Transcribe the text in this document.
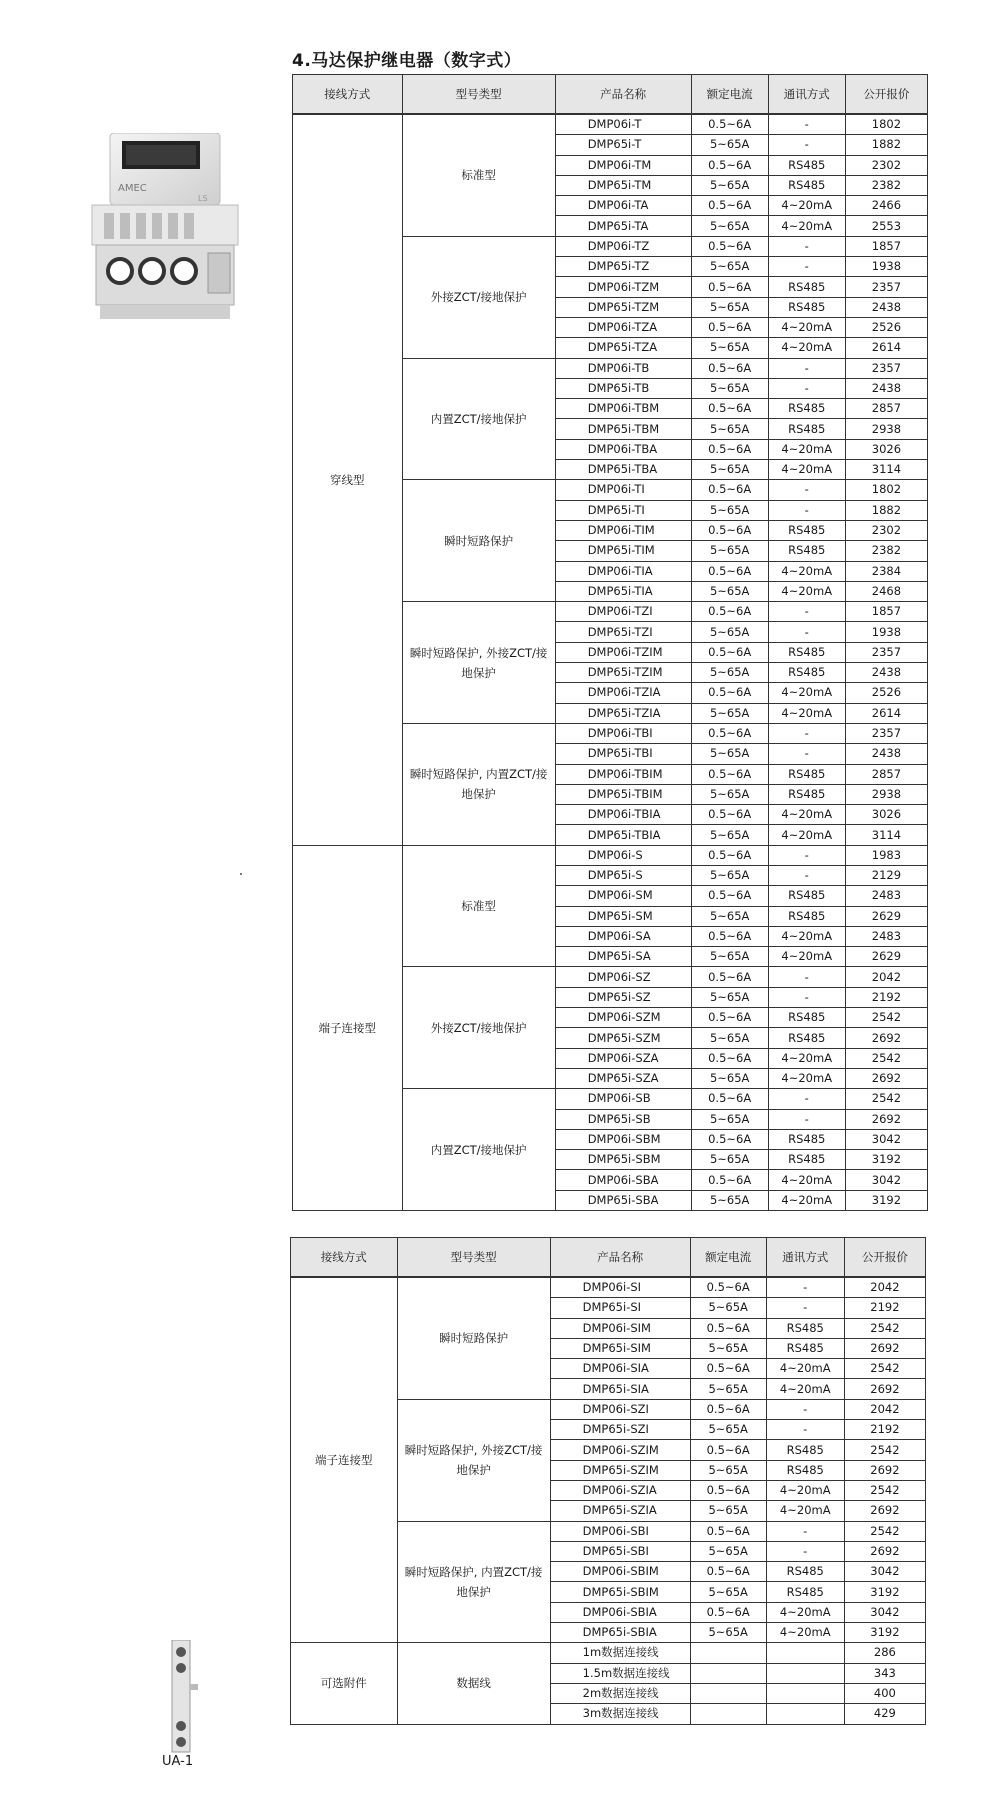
4.马达保护继电器（数字式）
AMEC
LS
UA-1
接线方式	型号类型	产品名称	额定电流	通讯方式	公开报价
穿线型	标准型	DMP06i-T	0.5~6A	-	1802
		DMP65i-T	5~65A	-	1882
		DMP06i-TM	0.5~6A	RS485	2302
		DMP65i-TM	5~65A	RS485	2382
		DMP06i-TA	0.5~6A	4~20mA	2466
		DMP65i-TA	5~65A	4~20mA	2553
	外接ZCT/接地保护	DMP06i-TZ	0.5~6A	-	1857
		DMP65i-TZ	5~65A	-	1938
		DMP06i-TZM	0.5~6A	RS485	2357
		DMP65i-TZM	5~65A	RS485	2438
		DMP06i-TZA	0.5~6A	4~20mA	2526
		DMP65i-TZA	5~65A	4~20mA	2614
	内置ZCT/接地保护	DMP06i-TB	0.5~6A	-	2357
		DMP65i-TB	5~65A	-	2438
		DMP06i-TBM	0.5~6A	RS485	2857
		DMP65i-TBM	5~65A	RS485	2938
		DMP06i-TBA	0.5~6A	4~20mA	3026
		DMP65i-TBA	5~65A	4~20mA	3114
	瞬时短路保护	DMP06i-TI	0.5~6A	-	1802
		DMP65i-TI	5~65A	-	1882
		DMP06i-TIM	0.5~6A	RS485	2302
		DMP65i-TIM	5~65A	RS485	2382
		DMP06i-TIA	0.5~6A	4~20mA	2384
		DMP65i-TIA	5~65A	4~20mA	2468
	瞬时短路保护, 外接ZCT/接地保护	DMP06i-TZI	0.5~6A	-	1857
		DMP65i-TZI	5~65A	-	1938
		DMP06i-TZIM	0.5~6A	RS485	2357
		DMP65i-TZIM	5~65A	RS485	2438
		DMP06i-TZIA	0.5~6A	4~20mA	2526
		DMP65i-TZIA	5~65A	4~20mA	2614
	瞬时短路保护, 内置ZCT/接地保护	DMP06i-TBI	0.5~6A	-	2357
		DMP65i-TBI	5~65A	-	2438
		DMP06i-TBIM	0.5~6A	RS485	2857
		DMP65i-TBIM	5~65A	RS485	2938
		DMP06i-TBIA	0.5~6A	4~20mA	3026
		DMP65i-TBIA	5~65A	4~20mA	3114
端子连接型	标准型	DMP06i-S	0.5~6A	-	1983
		DMP65i-S	5~65A	-	2129
		DMP06i-SM	0.5~6A	RS485	2483
		DMP65i-SM	5~65A	RS485	2629
		DMP06i-SA	0.5~6A	4~20mA	2483
		DMP65i-SA	5~65A	4~20mA	2629
	外接ZCT/接地保护	DMP06i-SZ	0.5~6A	-	2042
		DMP65i-SZ	5~65A	-	2192
		DMP06i-SZM	0.5~6A	RS485	2542
		DMP65i-SZM	5~65A	RS485	2692
		DMP06i-SZA	0.5~6A	4~20mA	2542
		DMP65i-SZA	5~65A	4~20mA	2692
	内置ZCT/接地保护	DMP06i-SB	0.5~6A	-	2542
		DMP65i-SB	5~65A	-	2692
		DMP06i-SBM	0.5~6A	RS485	3042
		DMP65i-SBM	5~65A	RS485	3192
		DMP06i-SBA	0.5~6A	4~20mA	3042
		DMP65i-SBA	5~65A	4~20mA	3192
接线方式	型号类型	产品名称	额定电流	通讯方式	公开报价
端子连接型	瞬时短路保护	DMP06i-SI	0.5~6A	-	2042
		DMP65i-SI	5~65A	-	2192
		DMP06i-SIM	0.5~6A	RS485	2542
		DMP65i-SIM	5~65A	RS485	2692
		DMP06i-SIA	0.5~6A	4~20mA	2542
		DMP65i-SIA	5~65A	4~20mA	2692
	瞬时短路保护, 外接ZCT/接地保护	DMP06i-SZI	0.5~6A	-	2042
		DMP65i-SZI	5~65A	-	2192
		DMP06i-SZIM	0.5~6A	RS485	2542
		DMP65i-SZIM	5~65A	RS485	2692
		DMP06i-SZIA	0.5~6A	4~20mA	2542
		DMP65i-SZIA	5~65A	4~20mA	2692
	瞬时短路保护, 内置ZCT/接地保护	DMP06i-SBI	0.5~6A	-	2542
		DMP65i-SBI	5~65A	-	2692
		DMP06i-SBIM	0.5~6A	RS485	3042
		DMP65i-SBIM	5~65A	RS485	3192
		DMP06i-SBIA	0.5~6A	4~20mA	3042
		DMP65i-SBIA	5~65A	4~20mA	3192
可选附件	数据线	1m数据连接线			286
		1.5m数据连接线			343
		2m数据连接线			400
		3m数据连接线			429
